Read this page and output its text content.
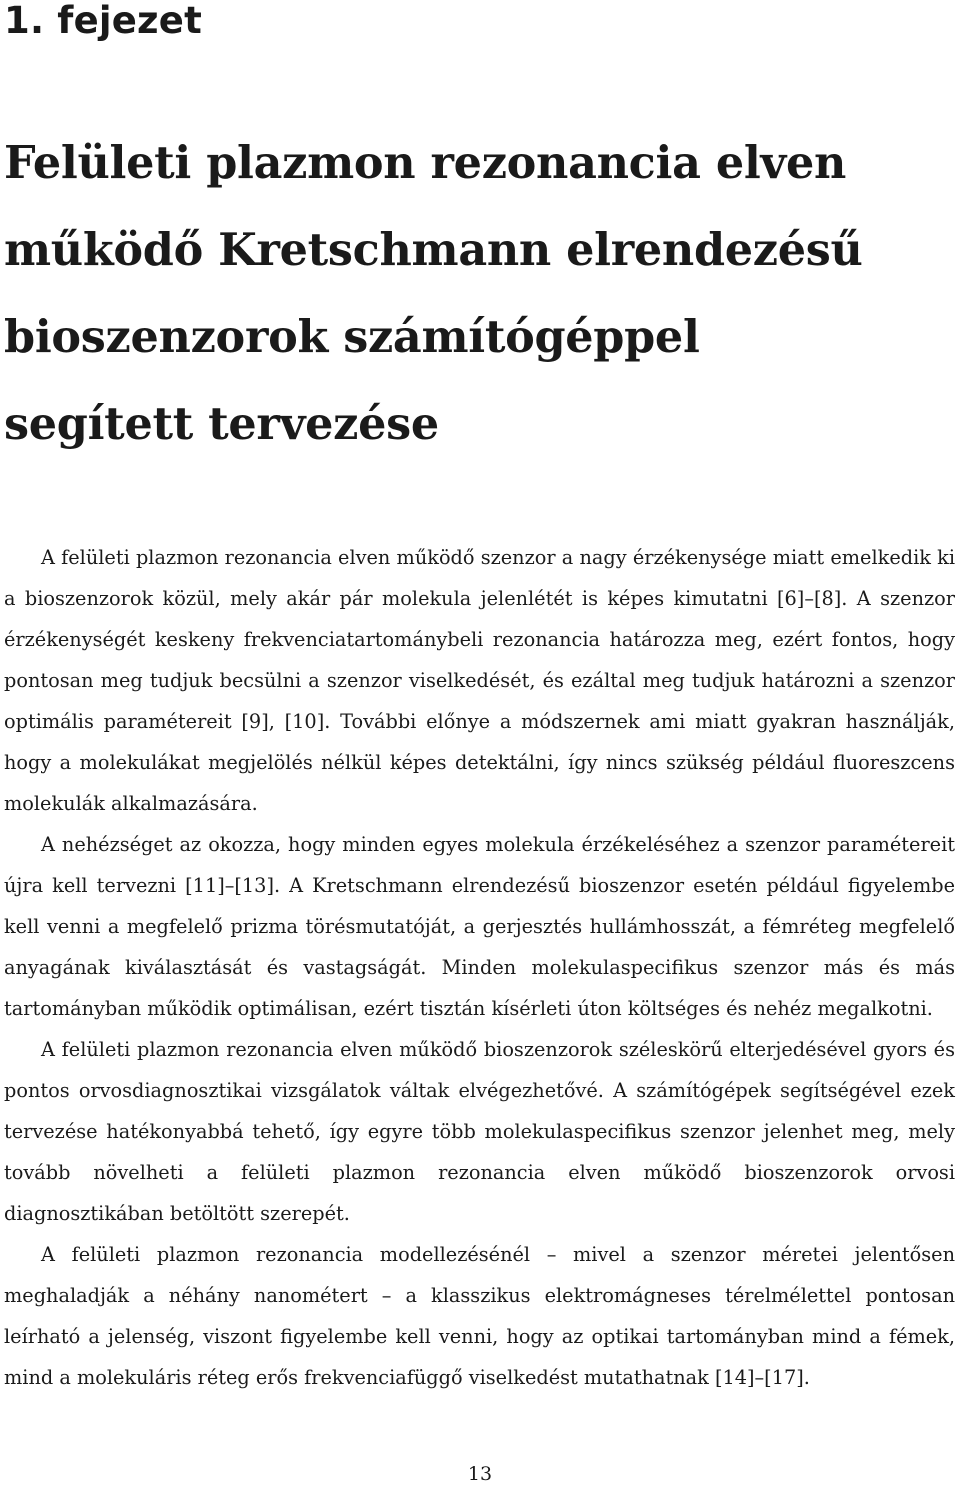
1. fejezet
Felületi plazmon rezonancia elven
működő Kretschmann elrendezésű
bioszenzorok számítógéppel
segített tervezése

A felületi plazmon rezonancia elven működő szenzor a nagy érzékenysége miatt emelkedik ki a bioszenzorok közül, mely akár pár molekula jelenlétét is képes kimutatni [6]–[8]. A szenzor érzékenységét keskeny frekvenciatartománybeli rezonancia határozza meg, ezért fontos, hogy pontosan meg tudjuk becsülni a szenzor viselkedését, és ezáltal meg tudjuk határozni a szenzor optimális paramétereit [9], [10]. További előnye a módszernek ami miatt gyakran használják, hogy a molekulákat megjelölés nélkül képes detektálni, így nincs szükség például fluoreszcens molekulák alkalmazására.

A nehézséget az okozza, hogy minden egyes molekula érzékeléséhez a szenzor paramétereit újra kell tervezni [11]–[13]. A Kretschmann elrendezésű bioszenzor esetén például figyelembe kell venni a megfelelő prizma törésmutatóját, a gerjesztés hullámhosszát, a fémréteg megfelelő anyagának kiválasztását és vastagságát. Minden molekulaspecifikus szenzor más és más tartományban működik optimálisan, ezért tisztán kísérleti úton költséges és nehéz megalkotni.

A felületi plazmon rezonancia elven működő bioszenzorok széleskörű elterjedésével gyors és pontos orvosdiagnosztikai vizsgálatok váltak elvégezhetővé. A számítógépek segítségével ezek tervezése hatékonyabbá tehető, így egyre több molekulaspecifikus szenzor jelenhet meg, mely tovább növelheti a felületi plazmon rezonancia elven működő bioszenzorok orvosi diagnosztikában betöltött szerepét.

A felületi plazmon rezonancia modellezésénél – mivel a szenzor méretei jelentősen meghaladják a néhány nanométert – a klasszikus elektromágneses térelmélettel pontosan leírható a jelenség, viszont figyelembe kell venni, hogy az optikai tartományban mind a fémek, mind a molekuláris réteg erős frekvenciafüggő viselkedést mutathatnak [14]–[17].

13
